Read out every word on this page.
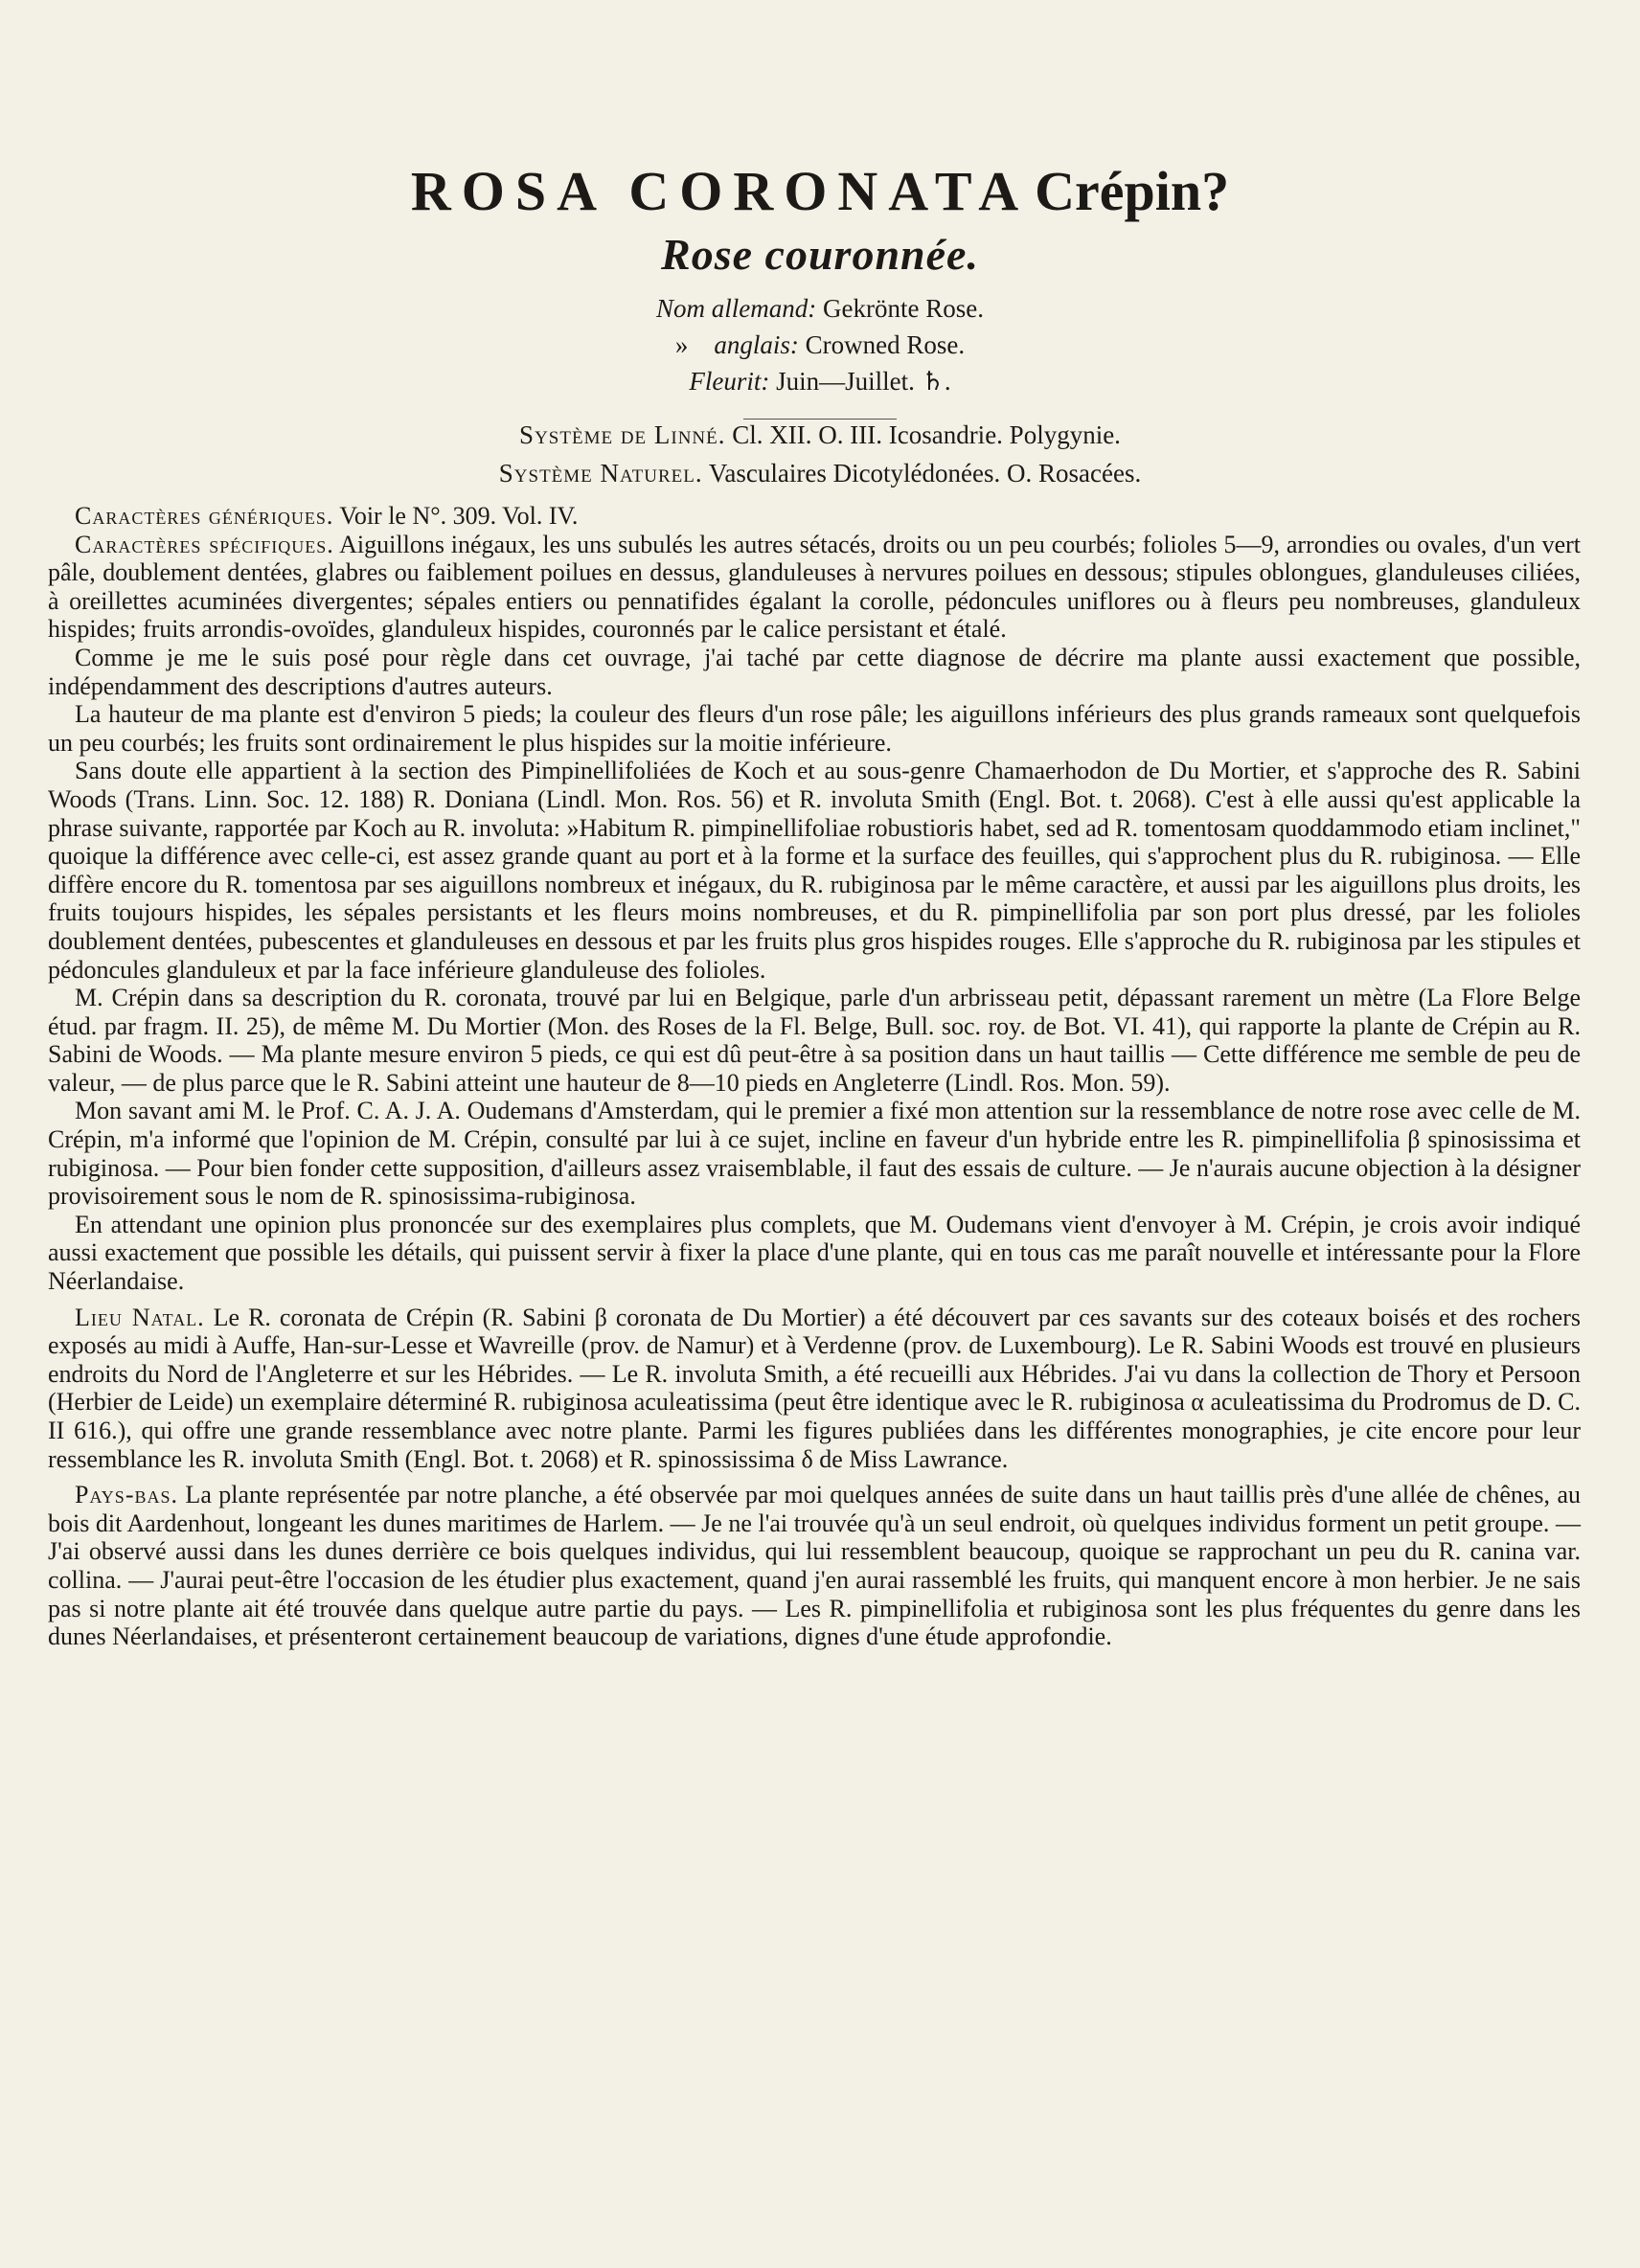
ROSA CORONATA Crépin?
Rose couronnée.
Nom allemand: Gekrönte Rose.
» anglais: Crowned Rose.
Fleurit: Juin—Juillet. ♄.
Système de Linné. Cl. XII. O. III. Icosandrie. Polygynie.
Système Naturel. Vasculaires Dicotylédonées. O. Rosacées.

Caractères génériques. Voir le N°. 309. Vol. IV.

Caractères spécifiques. Aiguillons inégaux, les uns subulés les autres sétacés, droits ou un peu courbés; folioles 5—9, arrondies ou ovales, d'un vert pâle, doublement dentées, glabres ou faiblement poilues en dessus, glanduleuses à nervures poilues en dessous; stipules oblongues, glanduleuses ciliées, à oreillettes acuminées divergentes; sépales entiers ou pennatifides égalant la corolle, pédoncules uniflores ou à fleurs peu nombreuses, glanduleux hispides; fruits arrondis-ovoïdes, glanduleux hispides, couronnés par le calice persistant et étalé.

Comme je me le suis posé pour règle dans cet ouvrage, j'ai taché par cette diagnose de décrire ma plante aussi exactement que possible, indépendamment des descriptions d'autres auteurs.

La hauteur de ma plante est d'environ 5 pieds; la couleur des fleurs d'un rose pâle; les aiguillons inférieurs des plus grands rameaux sont quelquefois un peu courbés; les fruits sont ordinairement le plus hispides sur la moitie inférieure.

Sans doute elle appartient à la section des Pimpinellifoliées de Koch et au sous-genre Chamaerhodon de Du Mortier, et s'approche des R. Sabini Woods (Trans. Linn. Soc. 12. 188) R. Doniana (Lindl. Mon. Ros. 56) et R. involuta Smith (Engl. Bot. t. 2068). C'est à elle aussi qu'est applicable la phrase suivante, rapportée par Koch au R. involuta: »Habitum R. pimpinellifoliae robustioris habet, sed ad R. tomentosam quoddammodo etiam inclinet," quoique la différence avec celle-ci, est assez grande quant au port et à la forme et la surface des feuilles, qui s'approchent plus du R. rubiginosa. — Elle diffère encore du R. tomentosa par ses aiguillons nombreux et inégaux, du R. rubiginosa par le même caractère, et aussi par les aiguillons plus droits, les fruits toujours hispides, les sépales persistants et les fleurs moins nombreuses, et du R. pimpinellifolia par son port plus dressé, par les folioles doublement dentées, pubescentes et glanduleuses en dessous et par les fruits plus gros hispides rouges. Elle s'approche du R. rubiginosa par les stipules et pédoncules glanduleux et par la face inférieure glanduleuse des folioles.

M. Crépin dans sa description du R. coronata, trouvé par lui en Belgique, parle d'un arbrisseau petit, dépassant rarement un mètre (La Flore Belge étud. par fragm. II. 25), de même M. Du Mortier (Mon. des Roses de la Fl. Belge, Bull. soc. roy. de Bot. VI. 41), qui rapporte la plante de Crépin au R. Sabini de Woods. — Ma plante mesure environ 5 pieds, ce qui est dû peut-être à sa position dans un haut taillis — Cette différence me semble de peu de valeur, — de plus parce que le R. Sabini atteint une hauteur de 8—10 pieds en Angleterre (Lindl. Ros. Mon. 59).

Mon savant ami M. le Prof. C. A. J. A. Oudemans d'Amsterdam, qui le premier a fixé mon attention sur la ressemblance de notre rose avec celle de M. Crépin, m'a informé que l'opinion de M. Crépin, consulté par lui à ce sujet, incline en faveur d'un hybride entre les R. pimpinellifolia β spinosissima et rubiginosa. — Pour bien fonder cette supposition, d'ailleurs assez vraisemblable, il faut des essais de culture. — Je n'aurais aucune objection à la désigner provisoirement sous le nom de R. spinosissima-rubiginosa.

En attendant une opinion plus prononcée sur des exemplaires plus complets, que M. Oudemans vient d'envoyer à M. Crépin, je crois avoir indiqué aussi exactement que possible les détails, qui puissent servir à fixer la place d'une plante, qui en tous cas me paraît nouvelle et intéressante pour la Flore Néerlandaise.

Lieu Natal. Le R. coronata de Crépin (R. Sabini β coronata de Du Mortier) a été découvert par ces savants sur des coteaux boisés et des rochers exposés au midi à Auffe, Han-sur-Lesse et Wavreille (prov. de Namur) et à Verdenne (prov. de Luxembourg). Le R. Sabini Woods est trouvé en plusieurs endroits du Nord de l'Angleterre et sur les Hébrides. — Le R. involuta Smith, a été recueilli aux Hébrides. J'ai vu dans la collection de Thory et Persoon (Herbier de Leide) un exemplaire déterminé R. rubiginosa aculeatissima (peut être identique avec le R. rubiginosa α aculeatissima du Prodromus de D. C. II 616.), qui offre une grande ressemblance avec notre plante. Parmi les figures publiées dans les différentes monographies, je cite encore pour leur ressemblance les R. involuta Smith (Engl. Bot. t. 2068) et R. spinossissima δ de Miss Lawrance.

Pays-bas. La plante représentée par notre planche, a été observée par moi quelques années de suite dans un haut taillis près d'une allée de chênes, au bois dit Aardenhout, longeant les dunes maritimes de Harlem. — Je ne l'ai trouvée qu'à un seul endroit, où quelques individus forment un petit groupe. — J'ai observé aussi dans les dunes derrière ce bois quelques individus, qui lui ressemblent beaucoup, quoique se rapprochant un peu du R. canina var. collina. — J'aurai peut-être l'occasion de les étudier plus exactement, quand j'en aurai rassemblé les fruits, qui manquent encore à mon herbier. Je ne sais pas si notre plante ait été trouvée dans quelque autre partie du pays. — Les R. pimpinellifolia et rubiginosa sont les plus fréquentes du genre dans les dunes Néerlandaises, et présenteront certainement beaucoup de variations, dignes d'une étude approfondie.
